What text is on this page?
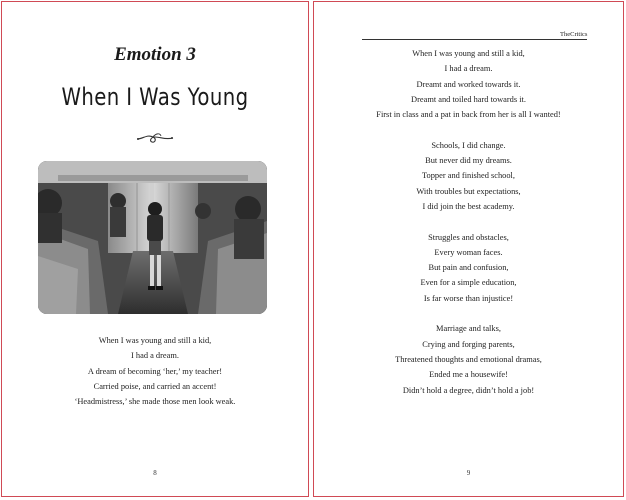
Emotion 3
When I Was Young
When I was young and still a kid,
I had a dream.
A dream of becoming ‘her,’ my teacher!
Carried poise, and carried an accent!
‘Headmistress,’ she made those men look weak.
8
TheCritics
When I was young and still a kid,
I had a dream.
Dreamt and worked towards it.
Dreamt and toiled hard towards it.
First in class and a pat in back from her is all I wanted!
Schools, I did change.
But never did my dreams.
Topper and finished school,
With troubles but expectations,
I did join the best academy.
Struggles and obstacles,
Every woman faces.
But pain and confusion,
Even for a simple education,
Is far worse than injustice!
Marriage and talks,
Crying and forging parents,
Threatened thoughts and emotional dramas,
Ended me a housewife!
Didn’t hold a degree, didn’t hold a job!
9
